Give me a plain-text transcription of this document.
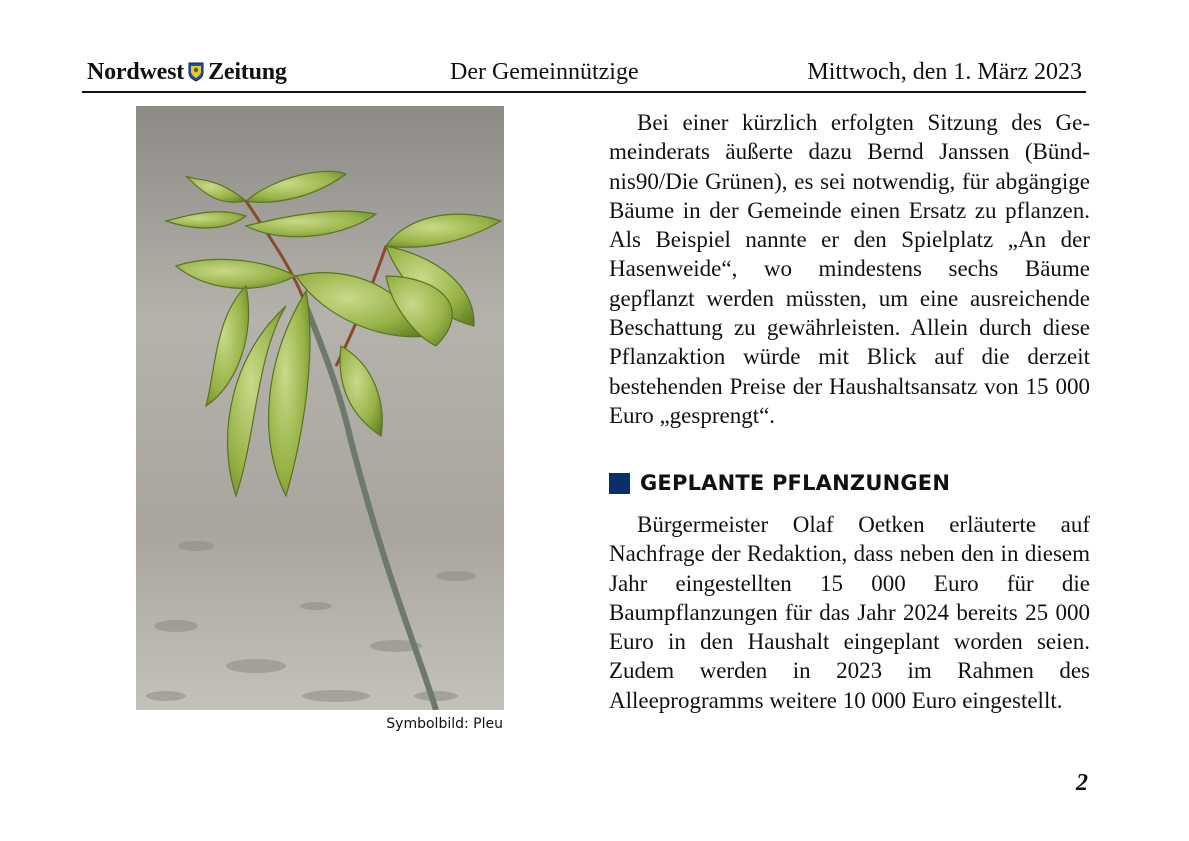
Nordwest Zeitung	Der Gemeinnützige	Mittwoch, den 1. März 2023
Symbolbild: Pleu

Bei einer kürzlich erfolgten Sitzung des Gemeinderats äußerte dazu Bernd Janssen (Bündnis90/Die Grünen), es sei notwendig, für abgängige Bäume in der Gemeinde einen Ersatz zu pflanzen. Als Beispiel nannte er den Spielplatz „An der Hasenweide“, wo mindestens sechs Bäume gepflanzt werden müssten, um eine ausreichende Beschattung zu gewährleisten. Allein durch diese Pflanzaktion würde mit Blick auf die derzeit bestehenden Preise der Haushaltsansatz von 15 000 Euro „gesprengt“.

GEPLANTE PFLANZUNGEN

Bürgermeister Olaf Oetken erläuterte auf Nachfrage der Redaktion, dass neben den in diesem Jahr eingestellten 15 000 Euro für die Baumpflanzungen für das Jahr 2024 bereits 25 000 Euro in den Haushalt eingeplant worden seien. Zudem werden in 2023 im Rahmen des Alleeprogramms weitere 10 000 Euro eingestellt.

2
